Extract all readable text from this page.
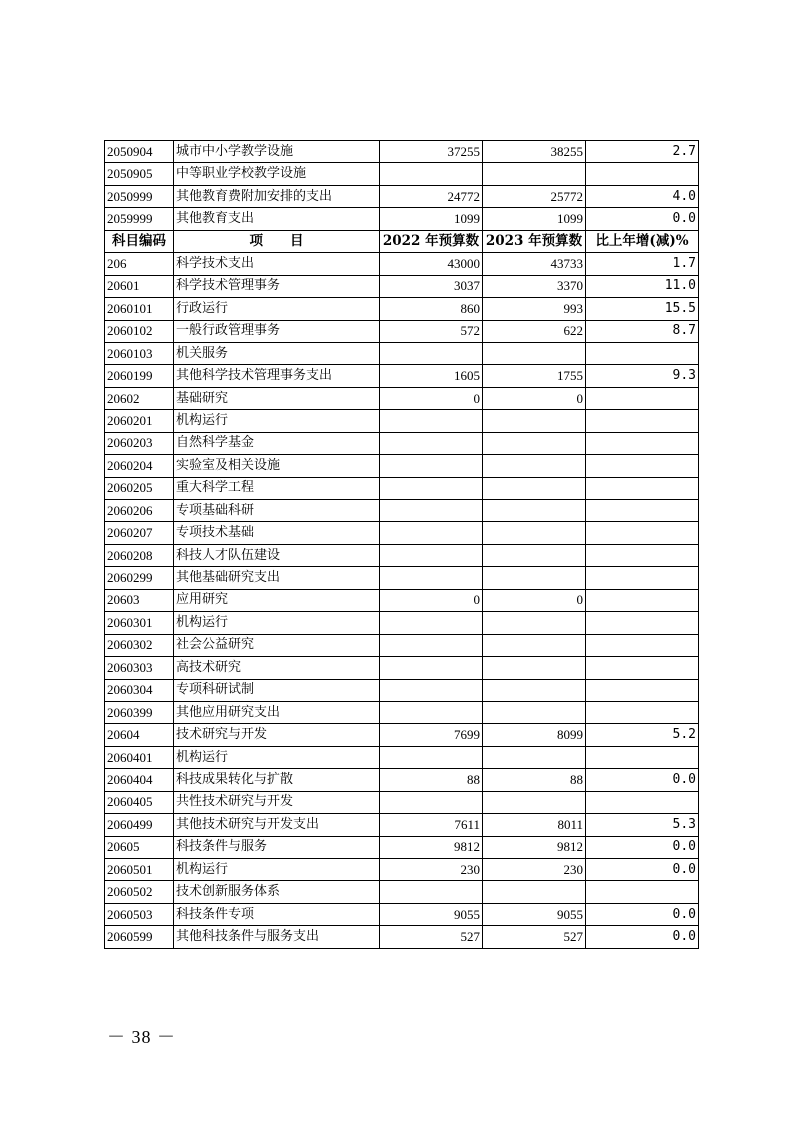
2050904	城市中小学教学设施	37255	38255	2.7
2050905	中等职业学校教学设施			
2050999	其他教育费附加安排的支出	24772	25772	4.0
2059999	其他教育支出	1099	1099	0.0
科目编码	项　　目	2022 年预算数	2023 年预算数	比上年增(减)%
206	科学技术支出	43000	43733	1.7
20601	科学技术管理事务	3037	3370	11.0
2060101	行政运行	860	993	15.5
2060102	一般行政管理事务	572	622	8.7
2060103	机关服务			
2060199	其他科学技术管理事务支出	1605	1755	9.3
20602	基础研究	0	0	
2060201	机构运行			
2060203	自然科学基金			
2060204	实验室及相关设施			
2060205	重大科学工程			
2060206	专项基础科研			
2060207	专项技术基础			
2060208	科技人才队伍建设			
2060299	其他基础研究支出			
20603	应用研究	0	0	
2060301	机构运行			
2060302	社会公益研究			
2060303	高技术研究			
2060304	专项科研试制			
2060399	其他应用研究支出			
20604	技术研究与开发	7699	8099	5.2
2060401	机构运行			
2060404	科技成果转化与扩散	88	88	0.0
2060405	共性技术研究与开发			
2060499	其他技术研究与开发支出	7611	8011	5.3
20605	科技条件与服务	9812	9812	0.0
2060501	机构运行	230	230	0.0
2060502	技术创新服务体系			
2060503	科技条件专项	9055	9055	0.0
2060599	其他科技条件与服务支出	527	527	0.0
－ 38 －
